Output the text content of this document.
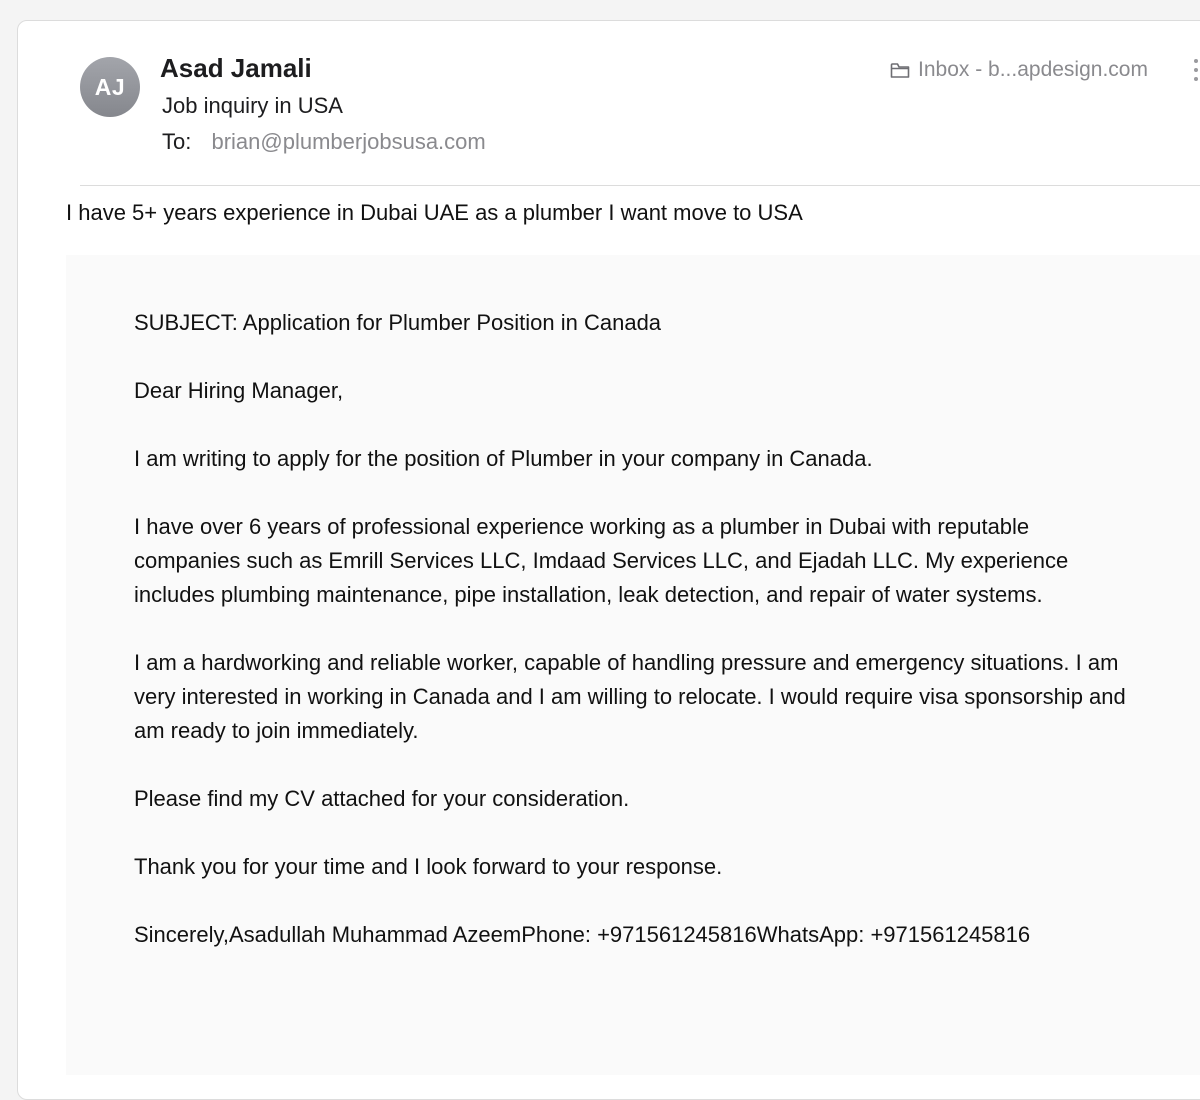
AJ
Asad Jamali
Job inquiry in USA
To: brian@plumberjobsusa.com
Inbox - b...apdesign.com
I have 5+ years experience in Dubai UAE as a plumber I want move to USA

SUBJECT: Application for Plumber Position in Canada

Dear Hiring Manager,

I am writing to apply for the position of Plumber in your company in Canada.

I have over 6 years of professional experience working as a plumber in Dubai with reputable companies such as Emrill Services LLC, Imdaad Services LLC, and Ejadah LLC. My experience includes plumbing maintenance, pipe installation, leak detection, and repair of water systems.

I am a hardworking and reliable worker, capable of handling pressure and emergency situations. I am very interested in working in Canada and I am willing to relocate. I would require visa sponsorship and am ready to join immediately.

Please find my CV attached for your consideration.

Thank you for your time and I look forward to your response.

Sincerely,Asadullah Muhammad AzeemPhone: +971561245816WhatsApp: +971561245816
